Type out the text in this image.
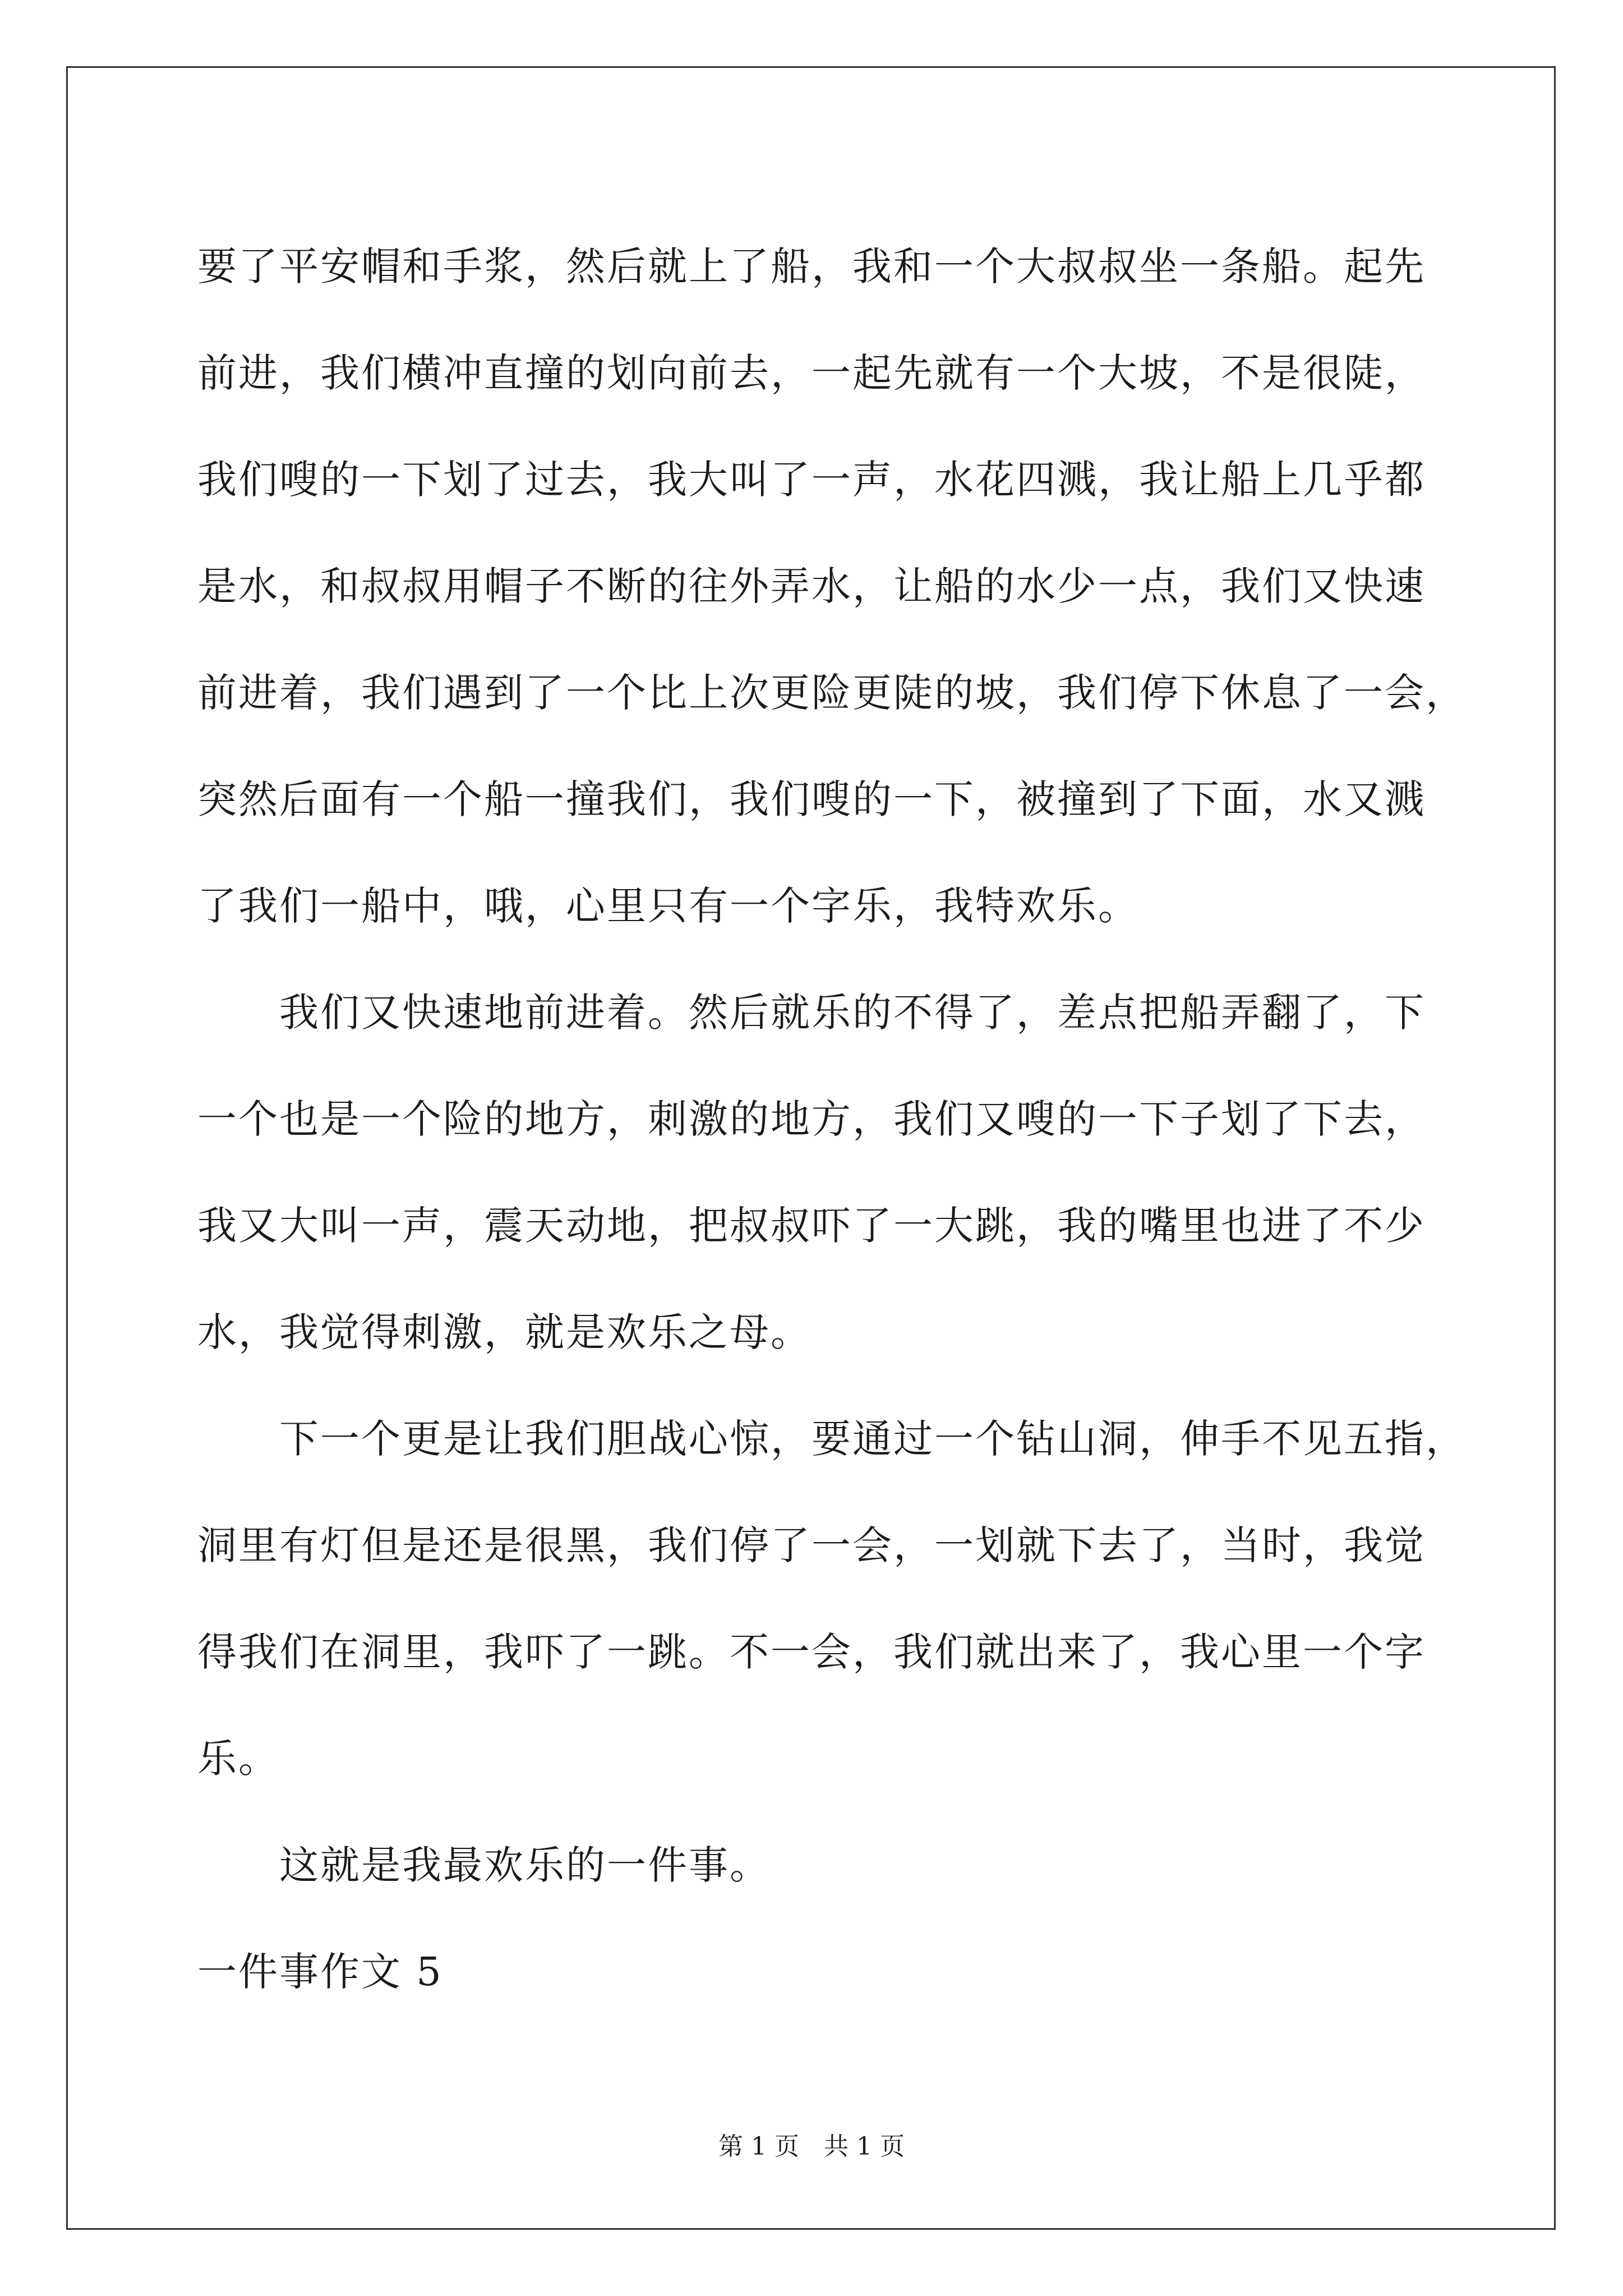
要了平安帽和手浆，然后就上了船，我和一个大叔叔坐一条船。起先
前进，我们横冲直撞的划向前去，一起先就有一个大坡，不是很陡，
我们嗖的一下划了过去，我大叫了一声，水花四溅，我让船上几乎都
是水，和叔叔用帽子不断的往外弄水，让船的水少一点，我们又快速
前进着，我们遇到了一个比上次更险更陡的坡，我们停下休息了一会，
突然后面有一个船一撞我们，我们嗖的一下，被撞到了下面，水又溅
了我们一船中，哦，心里只有一个字乐，我特欢乐。
我们又快速地前进着。然后就乐的不得了，差点把船弄翻了，下
一个也是一个险的地方，刺激的地方，我们又嗖的一下子划了下去，
我又大叫一声，震天动地，把叔叔吓了一大跳，我的嘴里也进了不少
水，我觉得刺激，就是欢乐之母。
下一个更是让我们胆战心惊，要通过一个钻山洞，伸手不见五指，
洞里有灯但是还是很黑，我们停了一会，一划就下去了，当时，我觉
得我们在洞里，我吓了一跳。不一会，我们就出来了，我心里一个字
乐。
这就是我最欢乐的一件事。
一件事作文 5
第 1 页　共 1 页
